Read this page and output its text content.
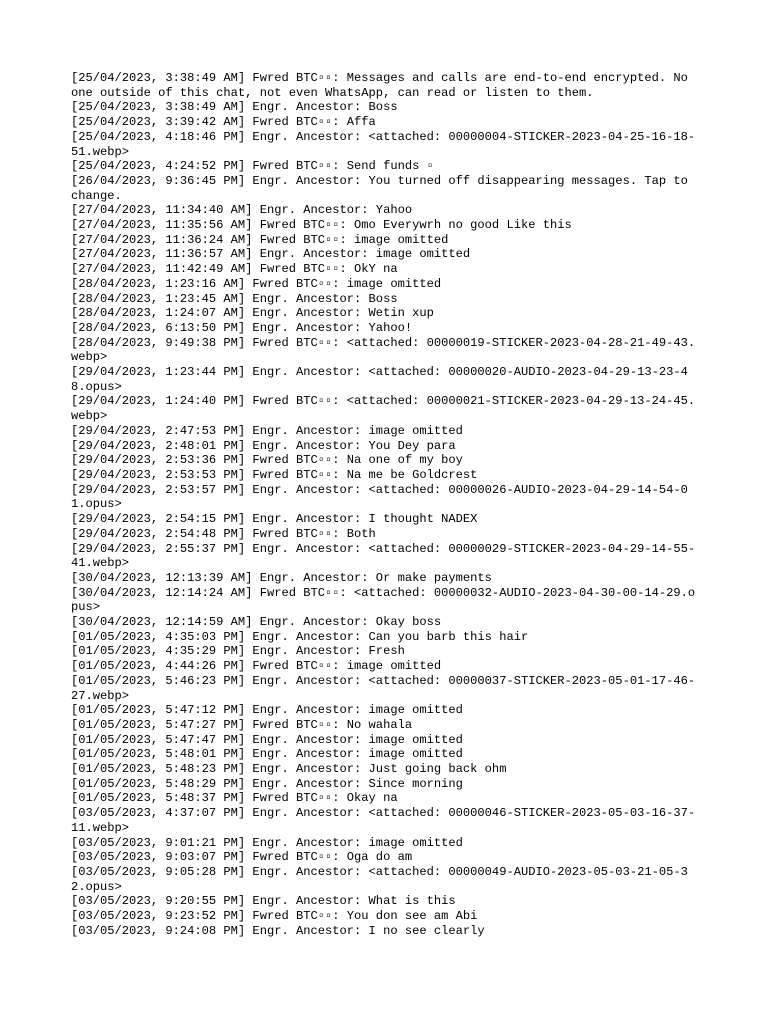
[25/04/2023, 3:38:49 AM] Fwred BTC▫▫: Messages and calls are end-to-end encrypted. No one outside of this chat, not even WhatsApp, can read or listen to them.
[25/04/2023, 3:38:49 AM] Engr. Ancestor: Boss
[25/04/2023, 3:39:42 AM] Fwred BTC▫▫: Affa
[25/04/2023, 4:18:46 PM] Engr. Ancestor: <attached: 00000004-STICKER-2023-04-25-16-18-51.webp>
[25/04/2023, 4:24:52 PM] Fwred BTC▫▫: Send funds ▫
[26/04/2023, 9:36:45 PM] Engr. Ancestor: You turned off disappearing messages. Tap to change.
[27/04/2023, 11:34:40 AM] Engr. Ancestor: Yahoo
[27/04/2023, 11:35:56 AM] Fwred BTC▫▫: Omo Everywrh no good Like this
[27/04/2023, 11:36:24 AM] Fwred BTC▫▫: image omitted
[27/04/2023, 11:36:57 AM] Engr. Ancestor: image omitted
[27/04/2023, 11:42:49 AM] Fwred BTC▫▫: OkY na
[28/04/2023, 1:23:16 AM] Fwred BTC▫▫: image omitted
[28/04/2023, 1:23:45 AM] Engr. Ancestor: Boss
[28/04/2023, 1:24:07 AM] Engr. Ancestor: Wetin xup
[28/04/2023, 6:13:50 PM] Engr. Ancestor: Yahoo!
[28/04/2023, 9:49:38 PM] Fwred BTC▫▫: <attached: 00000019-STICKER-2023-04-28-21-49-43.webp>
[29/04/2023, 1:23:44 PM] Engr. Ancestor: <attached: 00000020-AUDIO-2023-04-29-13-23-48.opus>
[29/04/2023, 1:24:40 PM] Fwred BTC▫▫: <attached: 00000021-STICKER-2023-04-29-13-24-45.webp>
[29/04/2023, 2:47:53 PM] Engr. Ancestor: image omitted
[29/04/2023, 2:48:01 PM] Engr. Ancestor: You Dey para
[29/04/2023, 2:53:36 PM] Fwred BTC▫▫: Na one of my boy
[29/04/2023, 2:53:53 PM] Fwred BTC▫▫: Na me be Goldcrest
[29/04/2023, 2:53:57 PM] Engr. Ancestor: <attached: 00000026-AUDIO-2023-04-29-14-54-01.opus>
[29/04/2023, 2:54:15 PM] Engr. Ancestor: I thought NADEX
[29/04/2023, 2:54:48 PM] Fwred BTC▫▫: Both
[29/04/2023, 2:55:37 PM] Engr. Ancestor: <attached: 00000029-STICKER-2023-04-29-14-55-41.webp>
[30/04/2023, 12:13:39 AM] Engr. Ancestor: Or make payments
[30/04/2023, 12:14:24 AM] Fwred BTC▫▫: <attached: 00000032-AUDIO-2023-04-30-00-14-29.opus>
[30/04/2023, 12:14:59 AM] Engr. Ancestor: Okay boss
[01/05/2023, 4:35:03 PM] Engr. Ancestor: Can you barb this hair
[01/05/2023, 4:35:29 PM] Engr. Ancestor: Fresh
[01/05/2023, 4:44:26 PM] Fwred BTC▫▫: image omitted
[01/05/2023, 5:46:23 PM] Engr. Ancestor: <attached: 00000037-STICKER-2023-05-01-17-46-27.webp>
[01/05/2023, 5:47:12 PM] Engr. Ancestor: image omitted
[01/05/2023, 5:47:27 PM] Fwred BTC▫▫: No wahala
[01/05/2023, 5:47:47 PM] Engr. Ancestor: image omitted
[01/05/2023, 5:48:01 PM] Engr. Ancestor: image omitted
[01/05/2023, 5:48:23 PM] Engr. Ancestor: Just going back ohm
[01/05/2023, 5:48:29 PM] Engr. Ancestor: Since morning
[01/05/2023, 5:48:37 PM] Fwred BTC▫▫: Okay na
[03/05/2023, 4:37:07 PM] Engr. Ancestor: <attached: 00000046-STICKER-2023-05-03-16-37-11.webp>
[03/05/2023, 9:01:21 PM] Engr. Ancestor: image omitted
[03/05/2023, 9:03:07 PM] Fwred BTC▫▫: Oga do am
[03/05/2023, 9:05:28 PM] Engr. Ancestor: <attached: 00000049-AUDIO-2023-05-03-21-05-32.opus>
[03/05/2023, 9:20:55 PM] Engr. Ancestor: What is this
[03/05/2023, 9:23:52 PM] Fwred BTC▫▫: You don see am Abi
[03/05/2023, 9:24:08 PM] Engr. Ancestor: I no see clearly
